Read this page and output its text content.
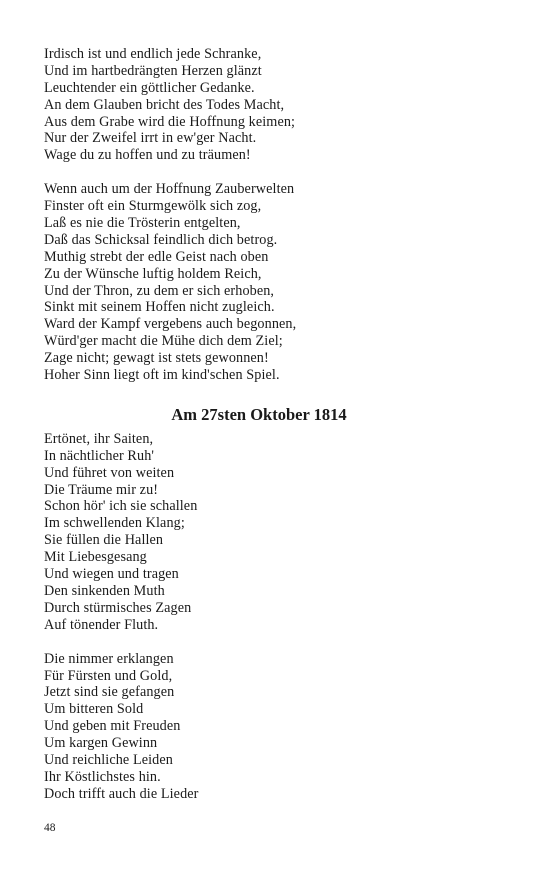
Irdisch ist und endlich jede Schranke,
Und im hartbedrängten Herzen glänzt
Leuchtender ein göttlicher Gedanke.
An dem Glauben bricht des Todes Macht,
Aus dem Grabe wird die Hoffnung keimen;
Nur der Zweifel irrt in ew'ger Nacht.
Wage du zu hoffen und zu träumen!
Wenn auch um der Hoffnung Zauberwelten
Finster oft ein Sturmgewölk sich zog,
Laß es nie die Trösterin entgelten,
Daß das Schicksal feindlich dich betrog.
Muthig strebt der edle Geist nach oben
Zu der Wünsche luftig holdem Reich,
Und der Thron, zu dem er sich erhoben,
Sinkt mit seinem Hoffen nicht zugleich.
Ward der Kampf vergebens auch begonnen,
Würd'ger macht die Mühe dich dem Ziel;
Zage nicht; gewagt ist stets gewonnen!
Hoher Sinn liegt oft im kind'schen Spiel.
Am 27sten Oktober 1814
Ertönet, ihr Saiten,
In nächtlicher Ruh'
Und führet von weiten
Die Träume mir zu!
Schon hör' ich sie schallen
Im schwellenden Klang;
Sie füllen die Hallen
Mit Liebesgesang
Und wiegen und tragen
Den sinkenden Muth
Durch stürmisches Zagen
Auf tönender Fluth.
Die nimmer erklangen
Für Fürsten und Gold,
Jetzt sind sie gefangen
Um bitteren Sold
Und geben mit Freuden
Um kargen Gewinn
Und reichliche Leiden
Ihr Köstlichstes hin.
Doch trifft auch die Lieder
48
